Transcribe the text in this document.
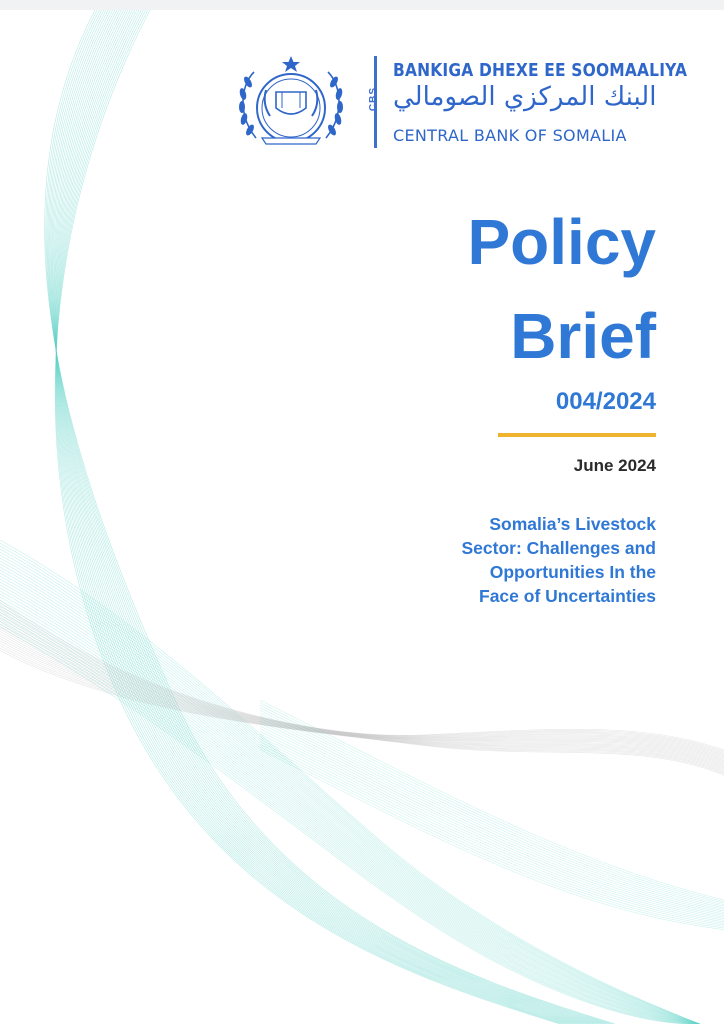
CBS
BANKIGA DHEXE EE SOOMAALIYA
البنك المركزي الصومالي
CENTRAL BANK OF SOMALIA
Policy
Brief
004/2024
June 2024
Somalia’s Livestock
Sector: Challenges and
Opportunities In the
Face of Uncertainties
